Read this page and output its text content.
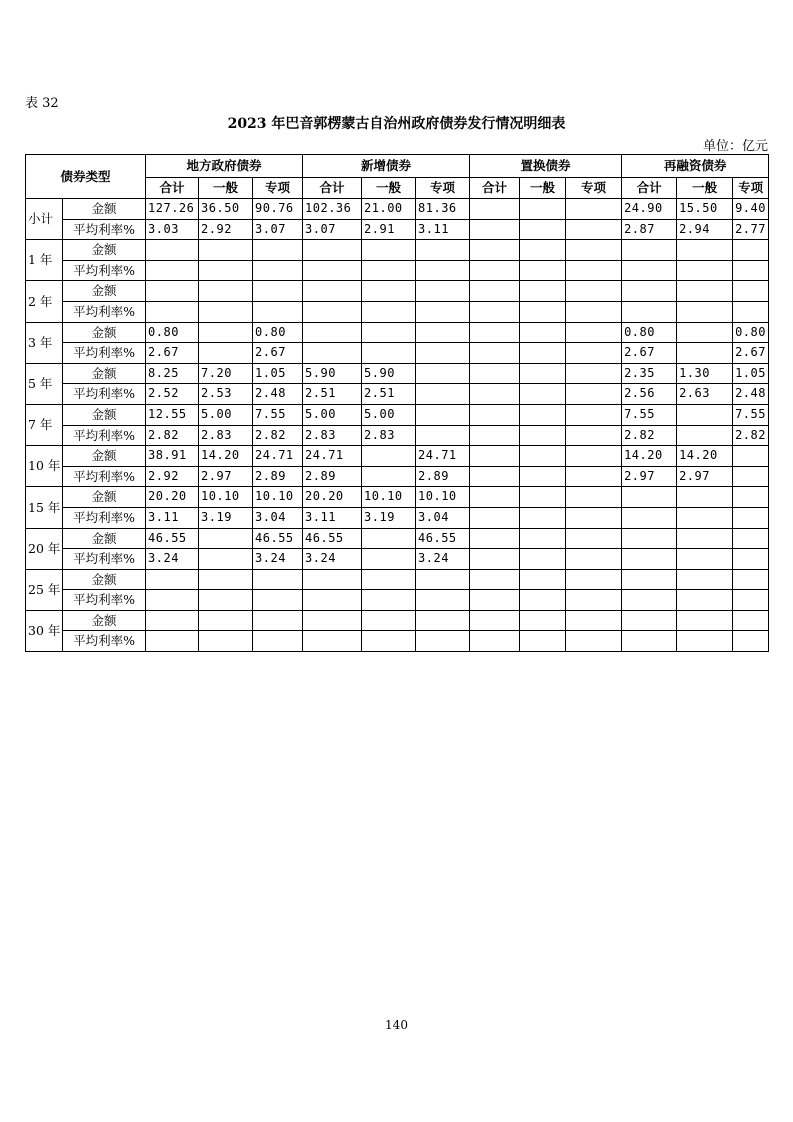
表 32
2023 年巴音郭楞蒙古自治州政府债券发行情况明细表
单位：亿元
债券类型		地方政府债券			新增债券			置换债券			再融资债券		
		合计	一般	专项	合计	一般	专项	合计	一般	专项	合计	一般	专项
小计	金额	127.26	36.50	90.76	102.36	21.00	81.36				24.90	15.50	9.40
	平均利率%	3.03	2.92	3.07	3.07	2.91	3.11				2.87	2.94	2.77
1 年	金额												
	平均利率%												
2 年	金额												
	平均利率%												
3 年	金额	0.80		0.80							0.80		0.80
	平均利率%	2.67		2.67							2.67		2.67
5 年	金额	8.25	7.20	1.05	5.90	5.90					2.35	1.30	1.05
	平均利率%	2.52	2.53	2.48	2.51	2.51					2.56	2.63	2.48
7 年	金额	12.55	5.00	7.55	5.00	5.00					7.55		7.55
	平均利率%	2.82	2.83	2.82	2.83	2.83					2.82		2.82
10 年	金额	38.91	14.20	24.71	24.71		24.71				14.20	14.20	
	平均利率%	2.92	2.97	2.89	2.89		2.89				2.97	2.97	
15 年	金额	20.20	10.10	10.10	20.20	10.10	10.10						
	平均利率%	3.11	3.19	3.04	3.11	3.19	3.04						
20 年	金额	46.55		46.55	46.55		46.55						
	平均利率%	3.24		3.24	3.24		3.24						
25 年	金额												
	平均利率%												
30 年	金额												
	平均利率%												
140
